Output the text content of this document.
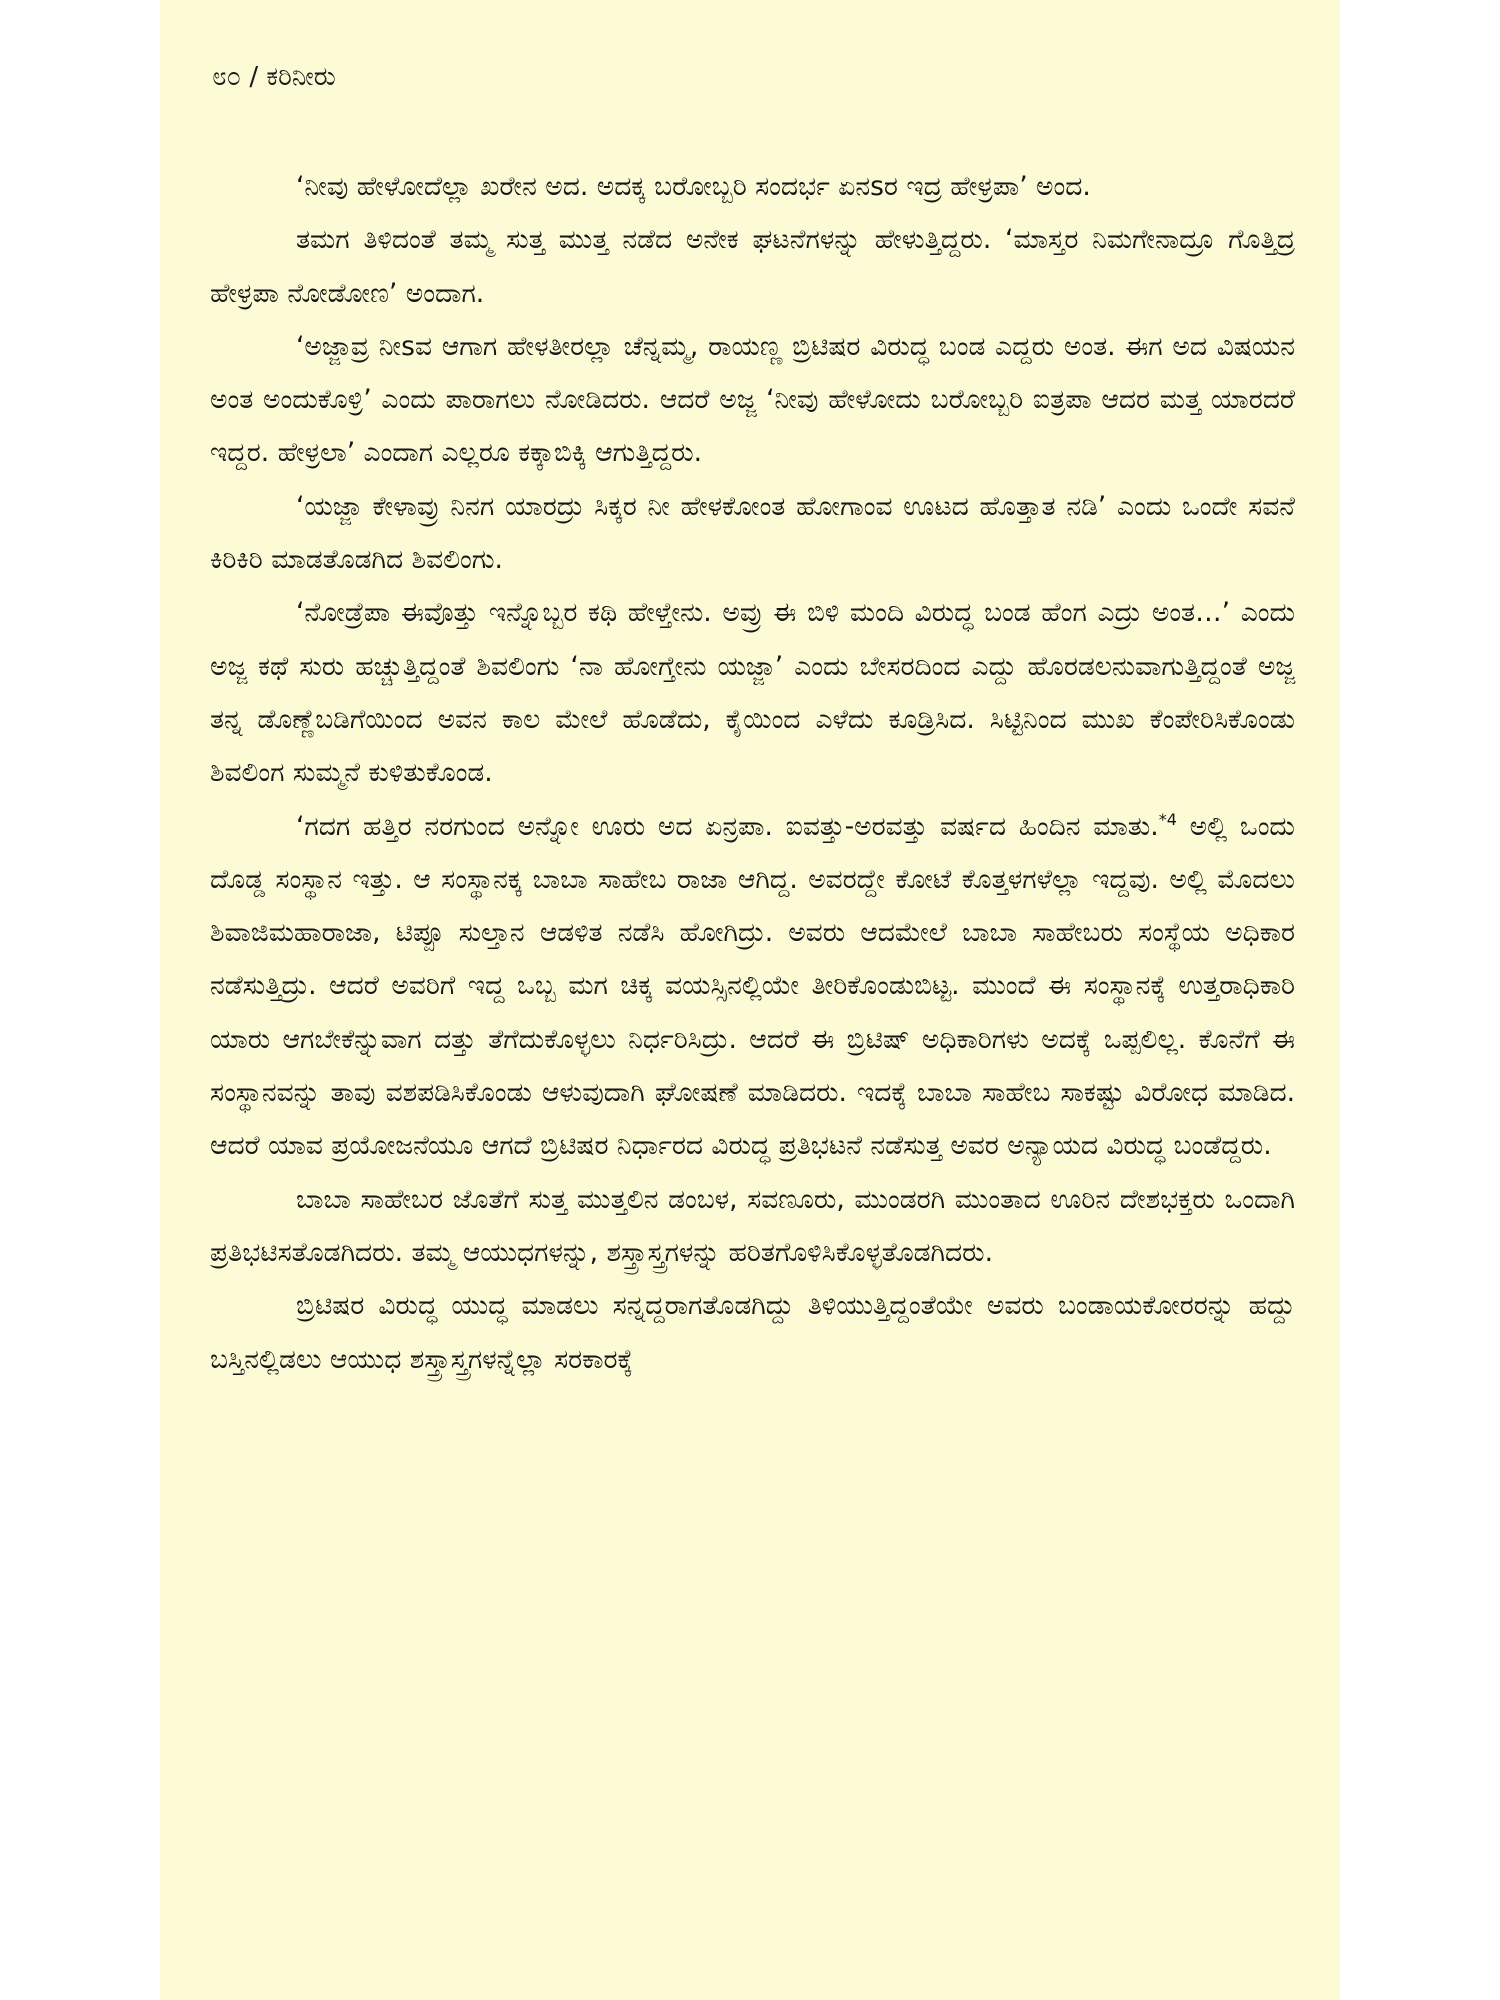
೮೦ / ಕರಿನೀರು

‘ನೀವು ಹೇಳೋದೆಲ್ಲಾ ಖರೇನ ಅದ. ಅದಕ್ಕ ಬರೋಬ್ಬರಿ ಸಂದರ್ಭ ಏನsರ ಇದ್ರ ಹೇಳ್ರಪಾ’ ಅಂದ.

ತಮಗ ತಿಳಿದಂತೆ ತಮ್ಮ ಸುತ್ತ ಮುತ್ತ ನಡೆದ ಅನೇಕ ಘಟನೆಗಳನ್ನು ಹೇಳುತ್ತಿದ್ದರು. ‘ಮಾಸ್ತರ ನಿಮಗೇನಾದ್ರೂ ಗೊತ್ತಿದ್ರ ಹೇಳ್ರಪಾ ನೋಡೋಣ’ ಅಂದಾಗ.

‘ಅಜ್ಜಾವ್ರ ನೀsವ ಆಗಾಗ ಹೇಳತೀರಲ್ಲಾ ಚೆನ್ನಮ್ಮ, ರಾಯಣ್ಣ ಬ್ರಿಟಿಷರ ವಿರುದ್ಧ ಬಂಡ ಎದ್ದರು ಅಂತ. ಈಗ ಅದ ವಿಷಯನ ಅಂತ ಅಂದುಕೊಳ್ರಿ’ ಎಂದು ಪಾರಾಗಲು ನೋಡಿದರು. ಆದರೆ ಅಜ್ಜ ‘ನೀವು ಹೇಳೋದು ಬರೋಬ್ಬರಿ ಐತ್ರಪಾ ಆದರ ಮತ್ತ ಯಾರದರೆ ಇದ್ದರ. ಹೇಳ್ರಲಾ’ ಎಂದಾಗ ಎಲ್ಲರೂ ಕಕ್ಕಾಬಿಕ್ಕಿ ಆಗುತ್ತಿದ್ದರು.

‘ಯಜ್ಜಾ ಕೇಳಾವ್ರು ನಿನಗ ಯಾರದ್ರು ಸಿಕ್ಕರ ನೀ ಹೇಳಕೋಂತ ಹೋಗಾಂವ ಊಟದ ಹೊತ್ತಾತ ನಡಿ’ ಎಂದು ಒಂದೇ ಸವನೆ ಕಿರಿಕಿರಿ ಮಾಡತೊಡಗಿದ ಶಿವಲಿಂಗು.

‘ನೋಡ್ರೆಪಾ ಈವೊತ್ತು ಇನ್ನೊಬ್ಬರ ಕಥಿ ಹೇಳ್ತೇನು. ಅವ್ರು ಈ ಬಿಳಿ ಮಂದಿ ವಿರುದ್ಧ ಬಂಡ ಹೆಂಗ ಎದ್ರು ಅಂತ…’ ಎಂದು ಅಜ್ಜ ಕಥೆ ಸುರು ಹಚ್ಚುತ್ತಿದ್ದಂತೆ ಶಿವಲಿಂಗು ‘ನಾ ಹೋಗ್ತೇನು ಯಜ್ಜಾ’ ಎಂದು ಬೇಸರದಿಂದ ಎದ್ದು ಹೊರಡಲನುವಾಗುತ್ತಿದ್ದಂತೆ ಅಜ್ಜ ತನ್ನ ಡೊಣ್ಣೆಬಡಿಗೆಯಿಂದ ಅವನ ಕಾಲ ಮೇಲೆ ಹೊಡೆದು, ಕೈಯಿಂದ ಎಳೆದು ಕೂಡ್ರಿಸಿದ. ಸಿಟ್ಟಿನಿಂದ ಮುಖ ಕೆಂಪೇರಿಸಿಕೊಂಡು ಶಿವಲಿಂಗ ಸುಮ್ಮನೆ ಕುಳಿತುಕೊಂಡ.

‘ಗದಗ ಹತ್ತಿರ ನರಗುಂದ ಅನ್ನೋ ಊರು ಅದ ಏನ್ರಪಾ. ಐವತ್ತು-ಅರವತ್ತು ವರ್ಷದ ಹಿಂದಿನ ಮಾತು.$^{*4}$ ಅಲ್ಲಿ ಒಂದು ದೊಡ್ಡ ಸಂಸ್ಥಾನ ಇತ್ತು. ಆ ಸಂಸ್ಥಾನಕ್ಕ ಬಾಬಾ ಸಾಹೇಬ ರಾಜಾ ಆಗಿದ್ದ. ಅವರದ್ದೇ ಕೋಟೆ ಕೊತ್ತಳಗಳೆಲ್ಲಾ ಇದ್ದವು. ಅಲ್ಲಿ ಮೊದಲು ಶಿವಾಜಿಮಹಾರಾಜಾ, ಟಿಪ್ಪೂ ಸುಲ್ತಾನ ಆಡಳಿತ ನಡೆಸಿ ಹೋಗಿದ್ರು. ಅವರು ಆದಮೇಲೆ ಬಾಬಾ ಸಾಹೇಬರು ಸಂಸ್ಥೆಯ ಅಧಿಕಾರ ನಡೆಸುತ್ತಿದ್ರು. ಆದರೆ ಅವರಿಗೆ ಇದ್ದ ಒಬ್ಬ ಮಗ ಚಿಕ್ಕ ವಯಸ್ಸಿನಲ್ಲಿಯೇ ತೀರಿಕೊಂಡುಬಿಟ್ಟ. ಮುಂದೆ ಈ ಸಂಸ್ಥಾನಕ್ಕೆ ಉತ್ತರಾಧಿಕಾರಿ ಯಾರು ಆಗಬೇಕೆನ್ನುವಾಗ ದತ್ತು ತೆಗೆದುಕೊಳ್ಳಲು ನಿರ್ಧರಿಸಿದ್ರು. ಆದರೆ ಈ ಬ್ರಿಟಿಷ್ ಅಧಿಕಾರಿಗಳು ಅದಕ್ಕೆ ಒಪ್ಪಲಿಲ್ಲ. ಕೊನೆಗೆ ಈ ಸಂಸ್ಥಾನವನ್ನು ತಾವು ವಶಪಡಿಸಿಕೊಂಡು ಆಳುವುದಾಗಿ ಘೋಷಣೆ ಮಾಡಿದರು. ಇದಕ್ಕೆ ಬಾಬಾ ಸಾಹೇಬ ಸಾಕಷ್ಟು ವಿರೋಧ ಮಾಡಿದ. ಆದರೆ ಯಾವ ಪ್ರಯೋಜನೆಯೂ ಆಗದೆ ಬ್ರಿಟಿಷರ ನಿರ್ಧಾರದ ವಿರುದ್ಧ ಪ್ರತಿಭಟನೆ ನಡೆಸುತ್ತ ಅವರ ಅನ್ಯಾಯದ ವಿರುದ್ಧ ಬಂಡೆದ್ದರು.

ಬಾಬಾ ಸಾಹೇಬರ ಜೊತೆಗೆ ಸುತ್ತ ಮುತ್ತಲಿನ ಡಂಬಳ, ಸವಣೂರು, ಮುಂಡರಗಿ ಮುಂತಾದ ಊರಿನ ದೇಶಭಕ್ತರು ಒಂದಾಗಿ ಪ್ರತಿಭಟಿಸತೊಡಗಿದರು. ತಮ್ಮ ಆಯುಧಗಳನ್ನು, ಶಸ್ತ್ರಾಸ್ತ್ರಗಳನ್ನು ಹರಿತಗೊಳಿಸಿಕೊಳ್ಳತೊಡಗಿದರು.

ಬ್ರಿಟಿಷರ ವಿರುದ್ಧ ಯುದ್ಧ ಮಾಡಲು ಸನ್ನದ್ದರಾಗತೊಡಗಿದ್ದು ತಿಳಿಯುತ್ತಿದ್ದಂತೆಯೇ ಅವರು ಬಂಡಾಯಕೋರರನ್ನು ಹದ್ದು ಬಸ್ತಿನಲ್ಲಿಡಲು ಆಯುಧ ಶಸ್ತ್ರಾಸ್ತ್ರಗಳನ್ನೆಲ್ಲಾ ಸರಕಾರಕ್ಕೆ
